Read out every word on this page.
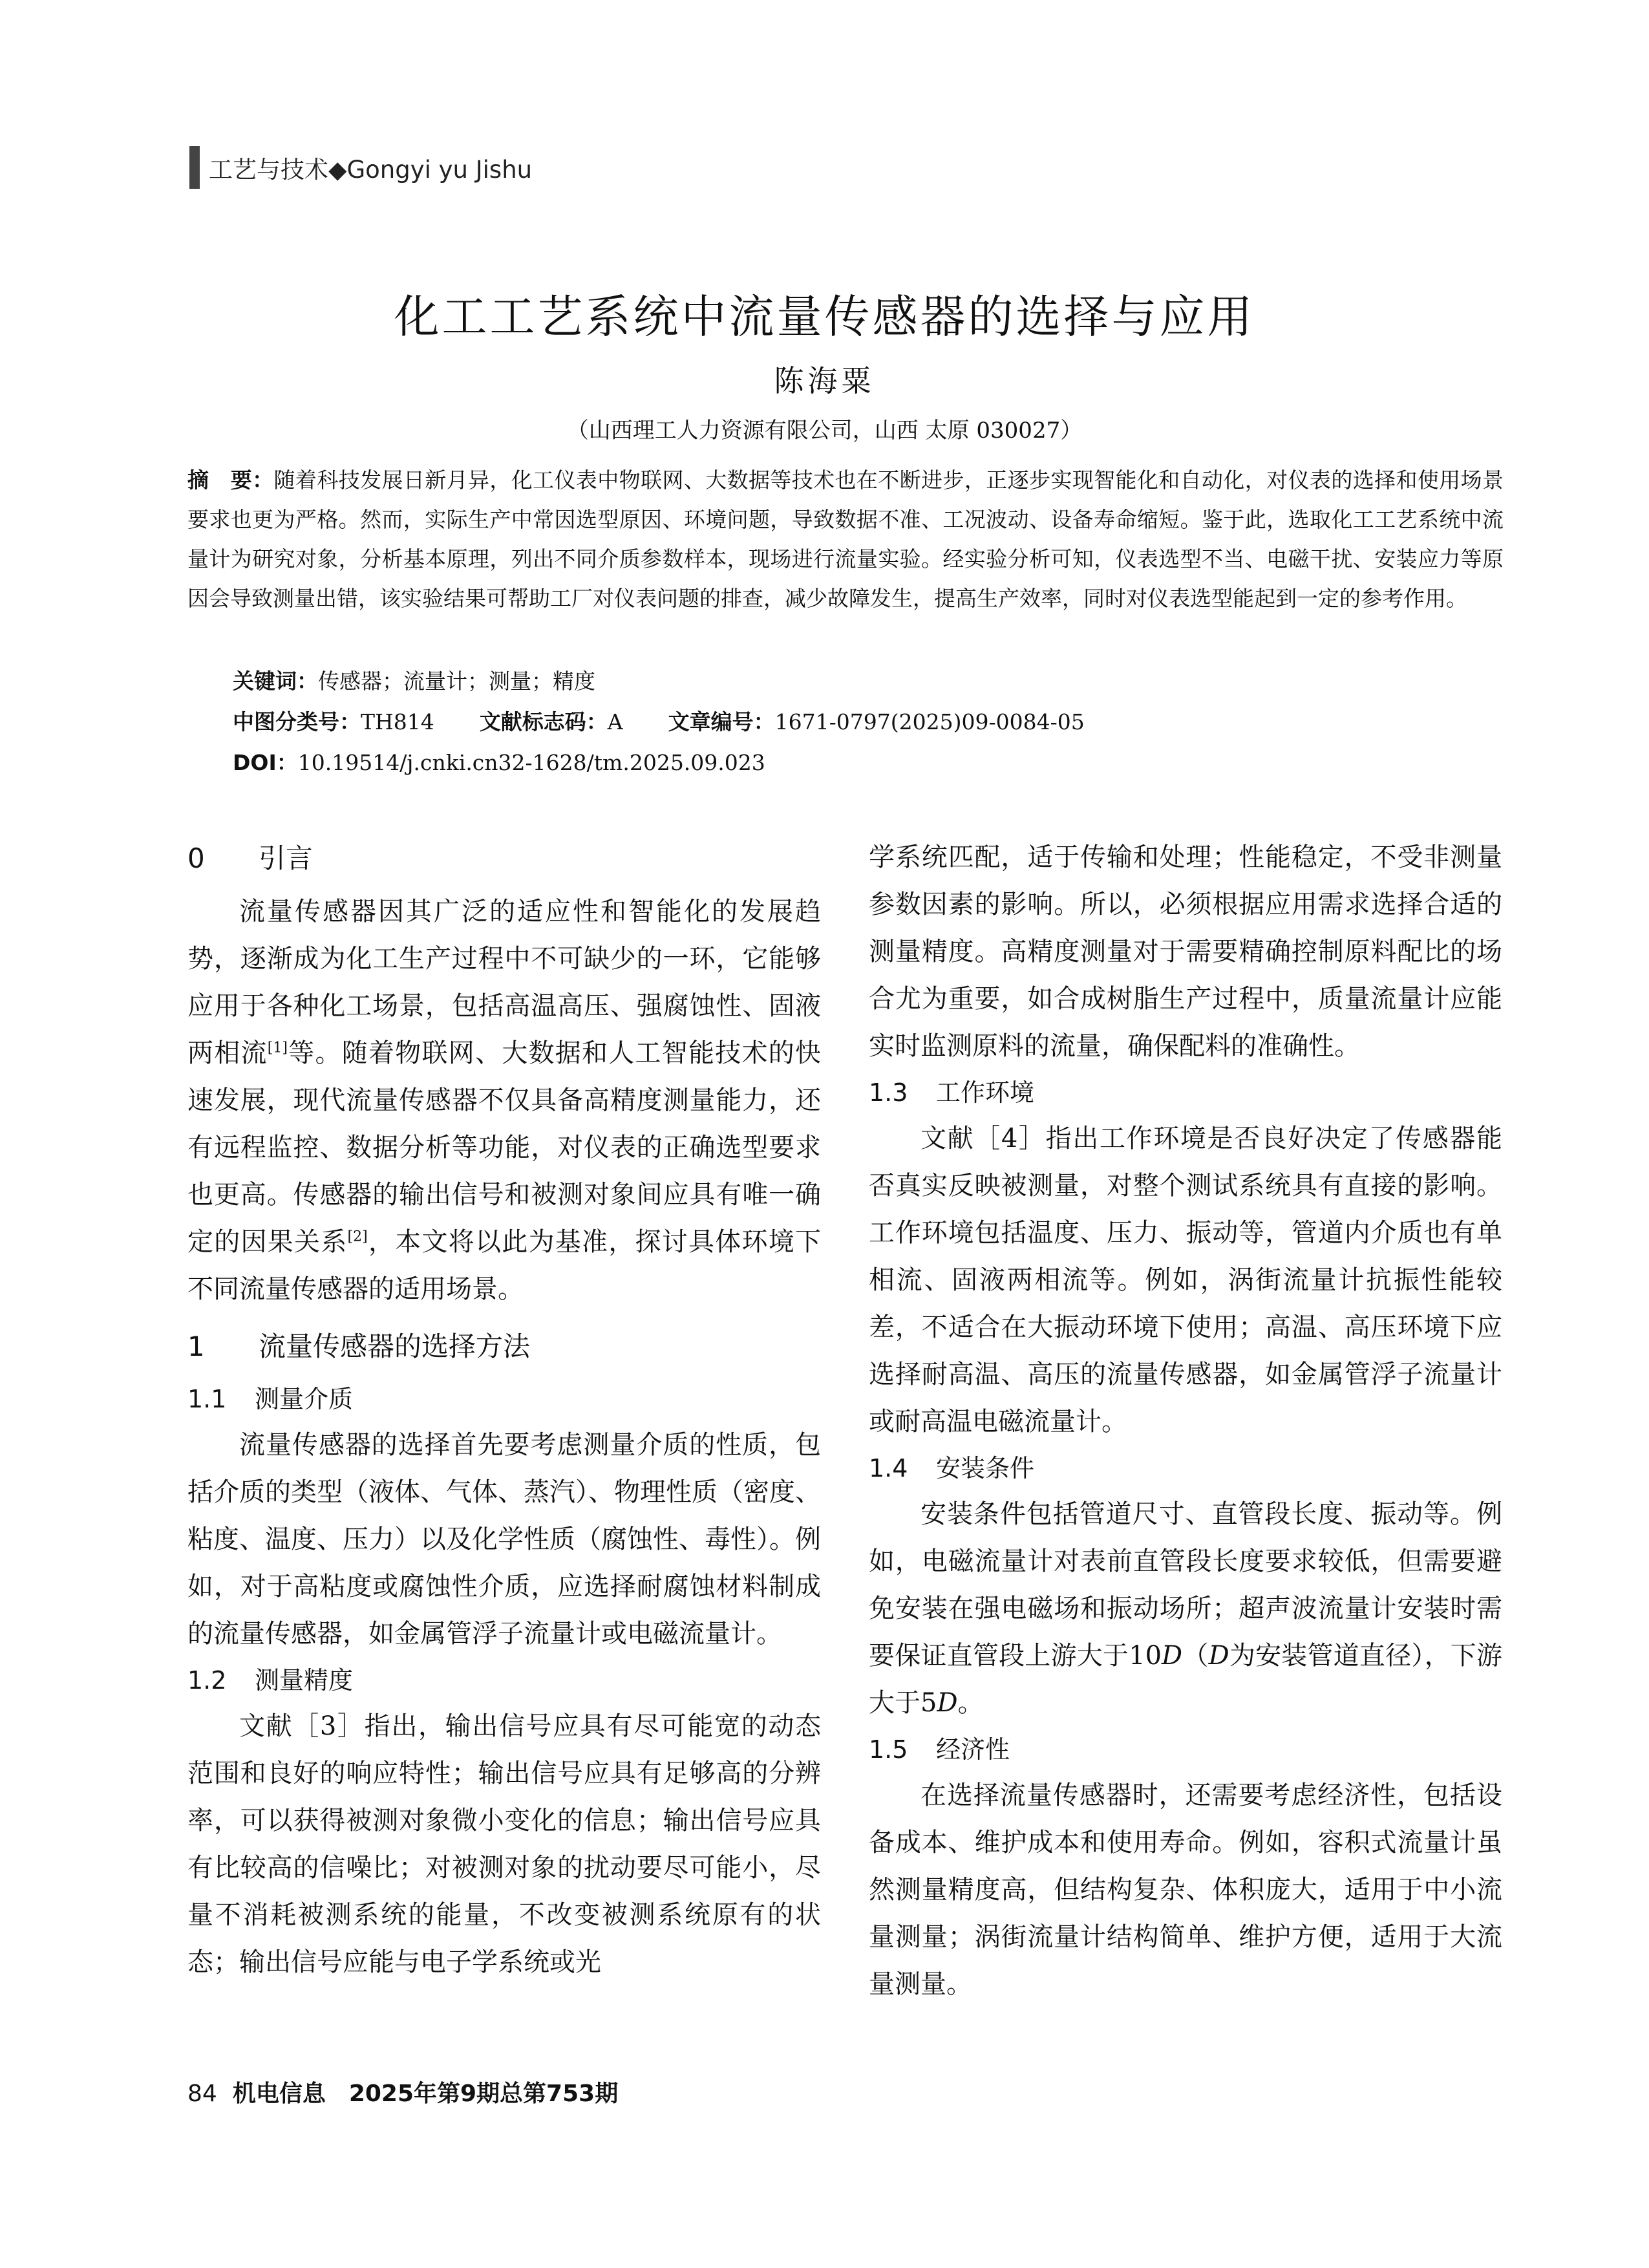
工艺与技术◆Gongyi yu Jishu
化工工艺系统中流量传感器的选择与应用
陈海粟
（山西理工人力资源有限公司，山西 太原 030027）
摘　要：随着科技发展日新月异，化工仪表中物联网、大数据等技术也在不断进步，正逐步实现智能化和自动化，对仪表的选择和使用场景要求也更为严格。然而，实际生产中常因选型原因、环境问题，导致数据不准、工况波动、设备寿命缩短。鉴于此，选取化工工艺系统中流量计为研究对象，分析基本原理，列出不同介质参数样本，现场进行流量实验。经实验分析可知，仪表选型不当、电磁干扰、安装应力等原因会导致测量出错，该实验结果可帮助工厂对仪表问题的排查，减少故障发生，提高生产效率，同时对仪表选型能起到一定的参考作用。
关键词：传感器；流量计；测量；精度
中图分类号：TH814 文献标志码：A 文章编号：1671-0797(2025)09-0084-05
DOI：10.19514/j.cnki.cn32-1628/tm.2025.09.023
0 引言

流量传感器因其广泛的适应性和智能化的发展趋势，逐渐成为化工生产过程中不可缺少的一环，它能够应用于各种化工场景，包括高温高压、强腐蚀性、固液两相流[1]等。随着物联网、大数据和人工智能技术的快速发展，现代流量传感器不仅具备高精度测量能力，还有远程监控、数据分析等功能，对仪表的正确选型要求也更高。传感器的输出信号和被测对象间应具有唯一确定的因果关系[2]，本文将以此为基准，探讨具体环境下不同流量传感器的适用场景。

1 流量传感器的选择方法
1.1 测量介质

流量传感器的选择首先要考虑测量介质的性质，包括介质的类型（液体、气体、蒸汽）、物理性质（密度、粘度、温度、压力）以及化学性质（腐蚀性、毒性）。例如，对于高粘度或腐蚀性介质，应选择耐腐蚀材料制成的流量传感器，如金属管浮子流量计或电磁流量计。

1.2 测量精度

文献［3］指出，输出信号应具有尽可能宽的动态范围和良好的响应特性；输出信号应具有足够高的分辨率，可以获得被测对象微小变化的信息；输出信号应具有比较高的信噪比；对被测对象的扰动要尽可能小，尽量不消耗被测系统的能量，不改变被测系统原有的状态；输出信号应能与电子学系统或光

学系统匹配，适于传输和处理；性能稳定，不受非测量参数因素的影响。所以，必须根据应用需求选择合适的测量精度。高精度测量对于需要精确控制原料配比的场合尤为重要，如合成树脂生产过程中，质量流量计应能实时监测原料的流量，确保配料的准确性。

1.3 工作环境

文献［4］指出工作环境是否良好决定了传感器能否真实反映被测量，对整个测试系统具有直接的影响。工作环境包括温度、压力、振动等，管道内介质也有单相流、固液两相流等。例如，涡街流量计抗振性能较差，不适合在大振动环境下使用；高温、高压环境下应选择耐高温、高压的流量传感器，如金属管浮子流量计或耐高温电磁流量计。

1.4 安装条件

安装条件包括管道尺寸、直管段长度、振动等。例如，电磁流量计对表前直管段长度要求较低，但需要避免安装在强电磁场和振动场所；超声波流量计安装时需要保证直管段上游大于10D（D为安装管道直径），下游大于5D。

1.5 经济性

在选择流量传感器时，还需要考虑经济性，包括设备成本、维护成本和使用寿命。例如，容积式流量计虽然测量精度高，但结构复杂、体积庞大，适用于中小流量测量；涡街流量计结构简单、维护方便，适用于大流量测量。

84 机电信息　2025年第9期总第753期
